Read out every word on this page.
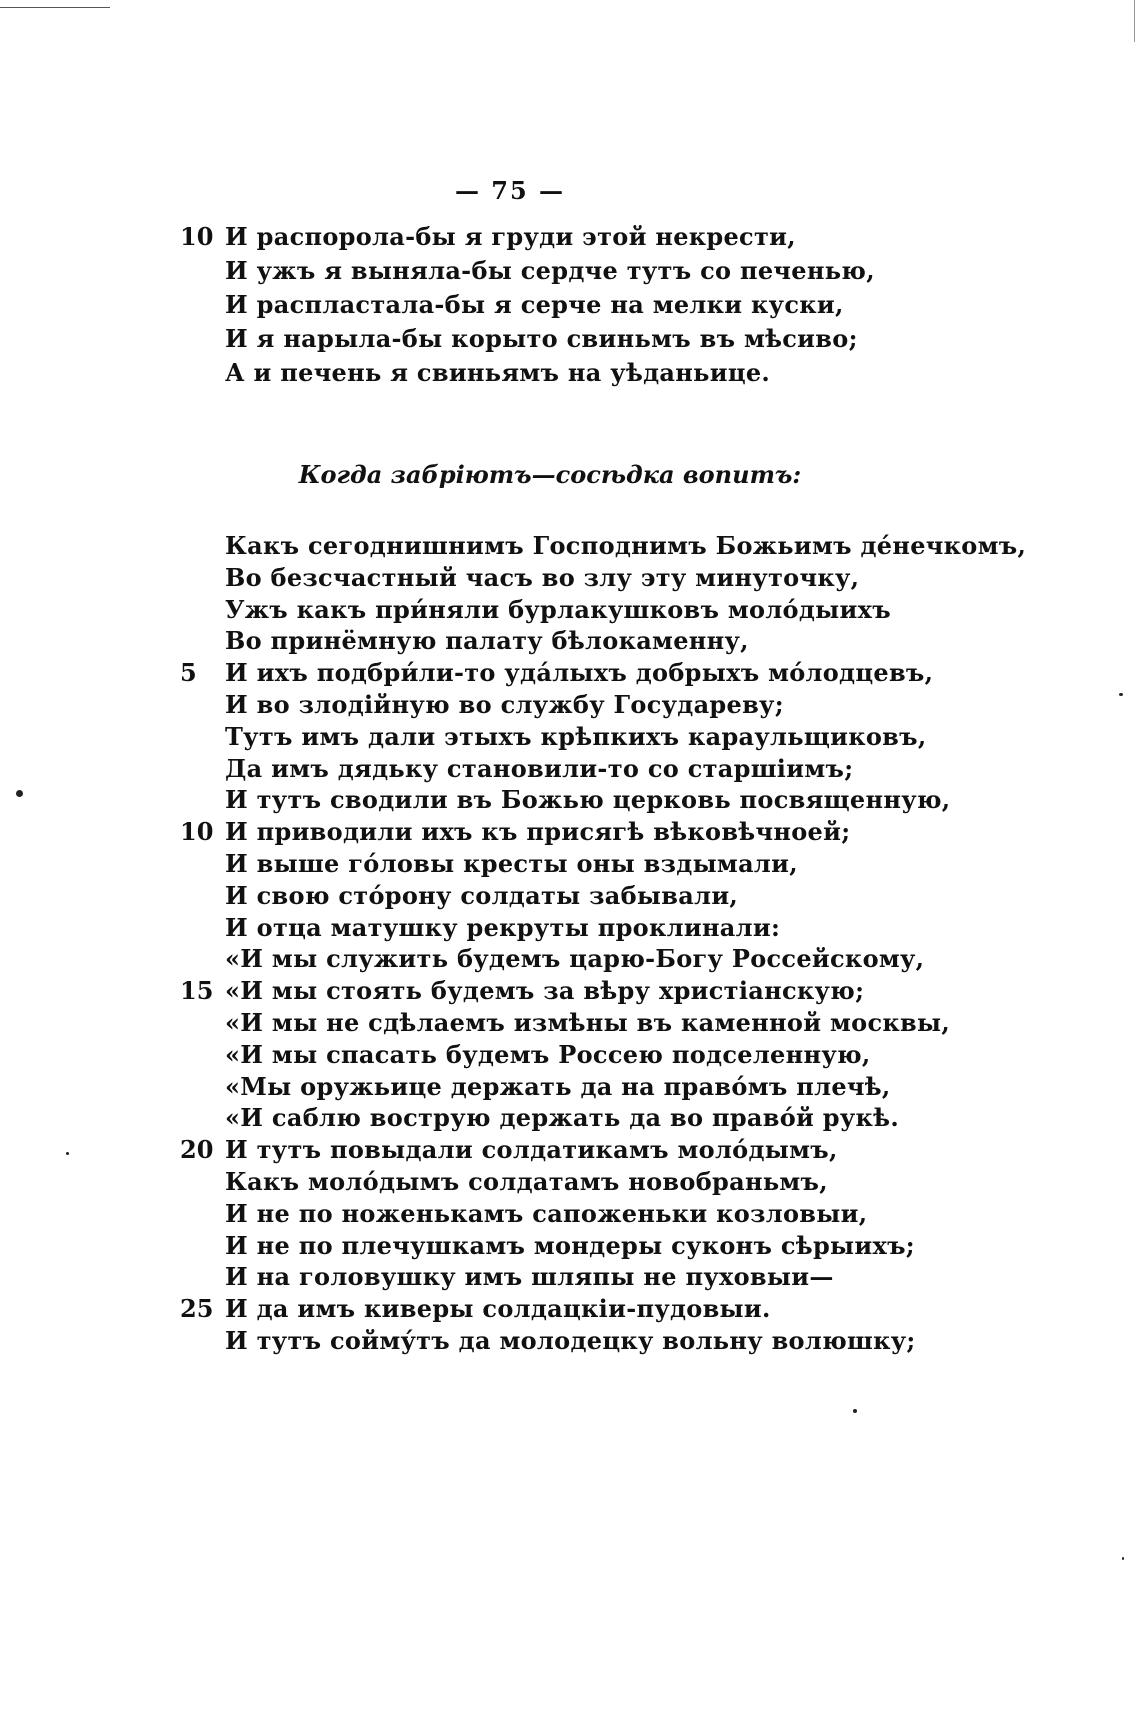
— 75 —
10 И распорола-бы я груди этой некрести,
И ужъ я выняла-бы сердче тутъ со печенью,
И распластала-бы я серче на мелки куски,
И я нарыла-бы корыто свиньмъ въ мѣсиво;
А и печень я свиньямъ на уѣданьице.
Когда забрiютъ—сосѣдка вопитъ:
Какъ сегоднишнимъ Господнимъ Божьимъ де́нечкомъ,
Во безсчастный часъ во злу эту минуточку,
Ужъ какъ при́няли бурлакушковъ моло́дыихъ
Во принёмную палату бѣлокаменну,
5	И ихъ подбри́ли-то уда́лыхъ добрыхъ мо́лодцевъ,
И во злодiйную во службу Государеву;
Тутъ имъ дали этыхъ крѣпкихъ караульщиковъ,
Да имъ дядьку становили-то со старшiимъ;
И тутъ сводили въ Божью церковь посвященную,
10 И приводили ихъ къ присягѣ вѣковѣчноей;
И выше го́ловы кресты оны вздымали,
И свою сто́рону солдаты забывали,
И отца матушку рекруты проклинали:
«И мы служить будемъ царю-Богу Россейскому,
15 «И мы стоять будемъ за вѣру христiанскую;
«И мы не сдѣлаемъ измѣны въ каменной москвы,
«И мы спасать будемъ Россею подселенную,
«Мы оружьице держать да на право́мъ плечѣ,
«И саблю вострую держать да во право́й рукѣ.
20 И тутъ повыдали солдатикамъ моло́дымъ,
Какъ моло́дымъ солдатамъ новобраньмъ,
И не по ноженькамъ сапоженьки козловыи,
И не по плечушкамъ мондеры суконъ сѣрыихъ;
И на головушку имъ шляпы не пуховыи—
25 И да имъ киверы солдацкiи-пудовыи.
И тутъ сойму́тъ да молодецку вольну волюшку;
